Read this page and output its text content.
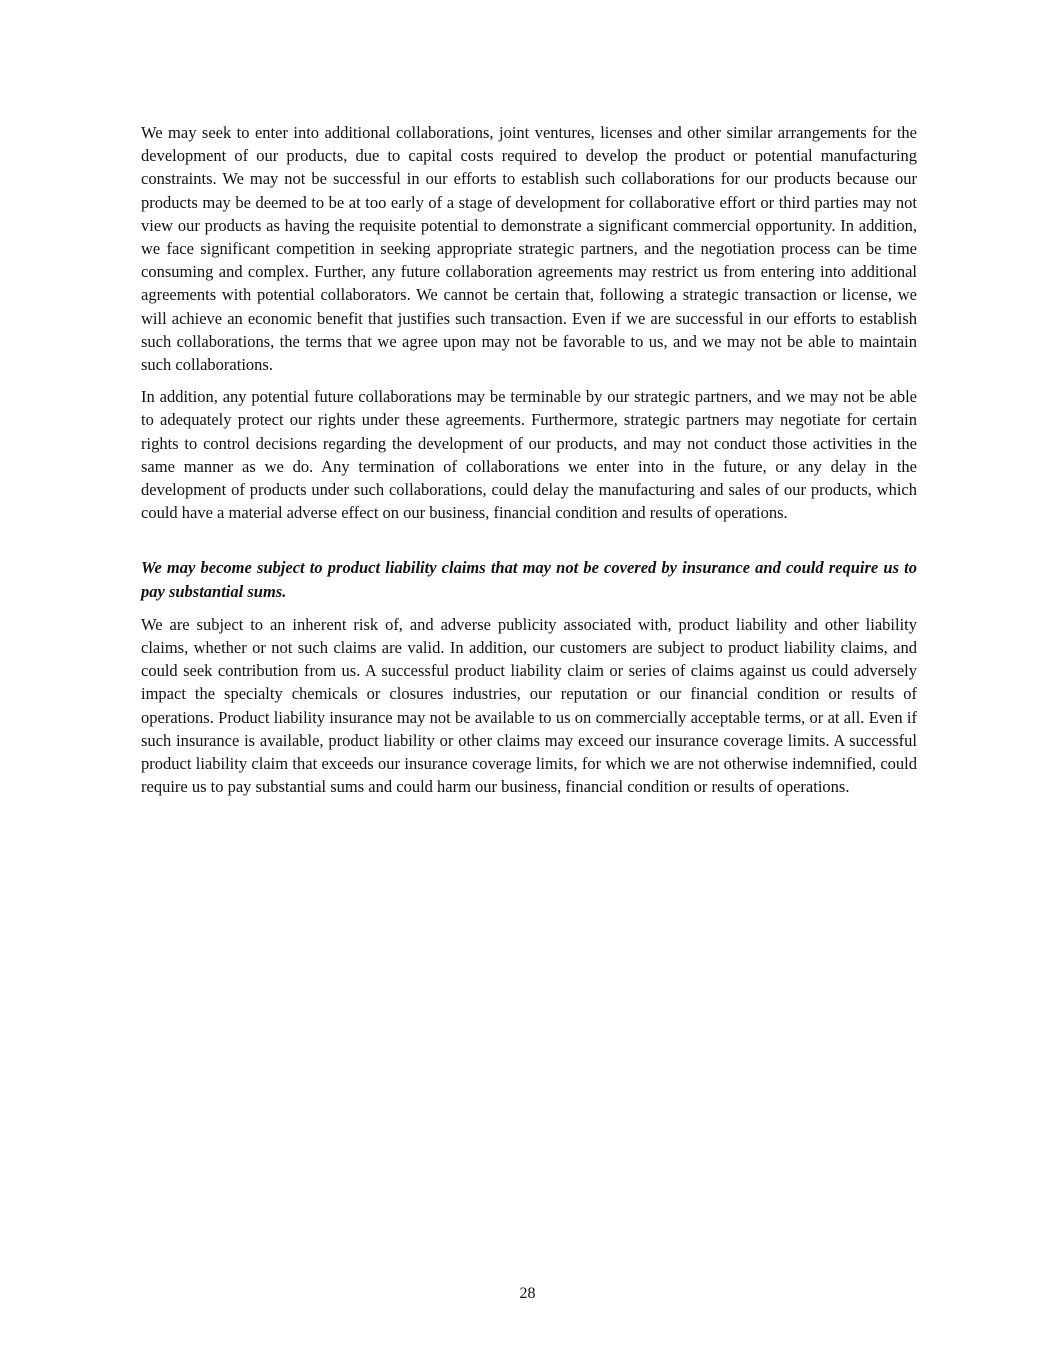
We may seek to enter into additional collaborations, joint ventures, licenses and other similar arrangements for the development of our products, due to capital costs required to develop the product or potential manufacturing constraints. We may not be successful in our efforts to establish such collaborations for our products because our products may be deemed to be at too early of a stage of development for collaborative effort or third parties may not view our products as having the requisite potential to demonstrate a significant commercial opportunity. In addition, we face significant competition in seeking appropriate strategic partners, and the negotiation process can be time consuming and complex. Further, any future collaboration agreements may restrict us from entering into additional agreements with potential collaborators. We cannot be certain that, following a strategic transaction or license, we will achieve an economic benefit that justifies such transaction. Even if we are successful in our efforts to establish such collaborations, the terms that we agree upon may not be favorable to us, and we may not be able to maintain such collaborations.

In addition, any potential future collaborations may be terminable by our strategic partners, and we may not be able to adequately protect our rights under these agreements. Furthermore, strategic partners may negotiate for certain rights to control decisions regarding the development of our products, and may not conduct those activities in the same manner as we do. Any termination of collaborations we enter into in the future, or any delay in the development of products under such collaborations, could delay the manufacturing and sales of our products, which could have a material adverse effect on our business, financial condition and results of operations.

We may become subject to product liability claims that may not be covered by insurance and could require us to pay substantial sums.

We are subject to an inherent risk of, and adverse publicity associated with, product liability and other liability claims, whether or not such claims are valid. In addition, our customers are subject to product liability claims, and could seek contribution from us. A successful product liability claim or series of claims against us could adversely impact the specialty chemicals or closures industries, our reputation or our financial condition or results of operations. Product liability insurance may not be available to us on commercially acceptable terms, or at all. Even if such insurance is available, product liability or other claims may exceed our insurance coverage limits. A successful product liability claim that exceeds our insurance coverage limits, for which we are not otherwise indemnified, could require us to pay substantial sums and could harm our business, financial condition or results of operations.

28
